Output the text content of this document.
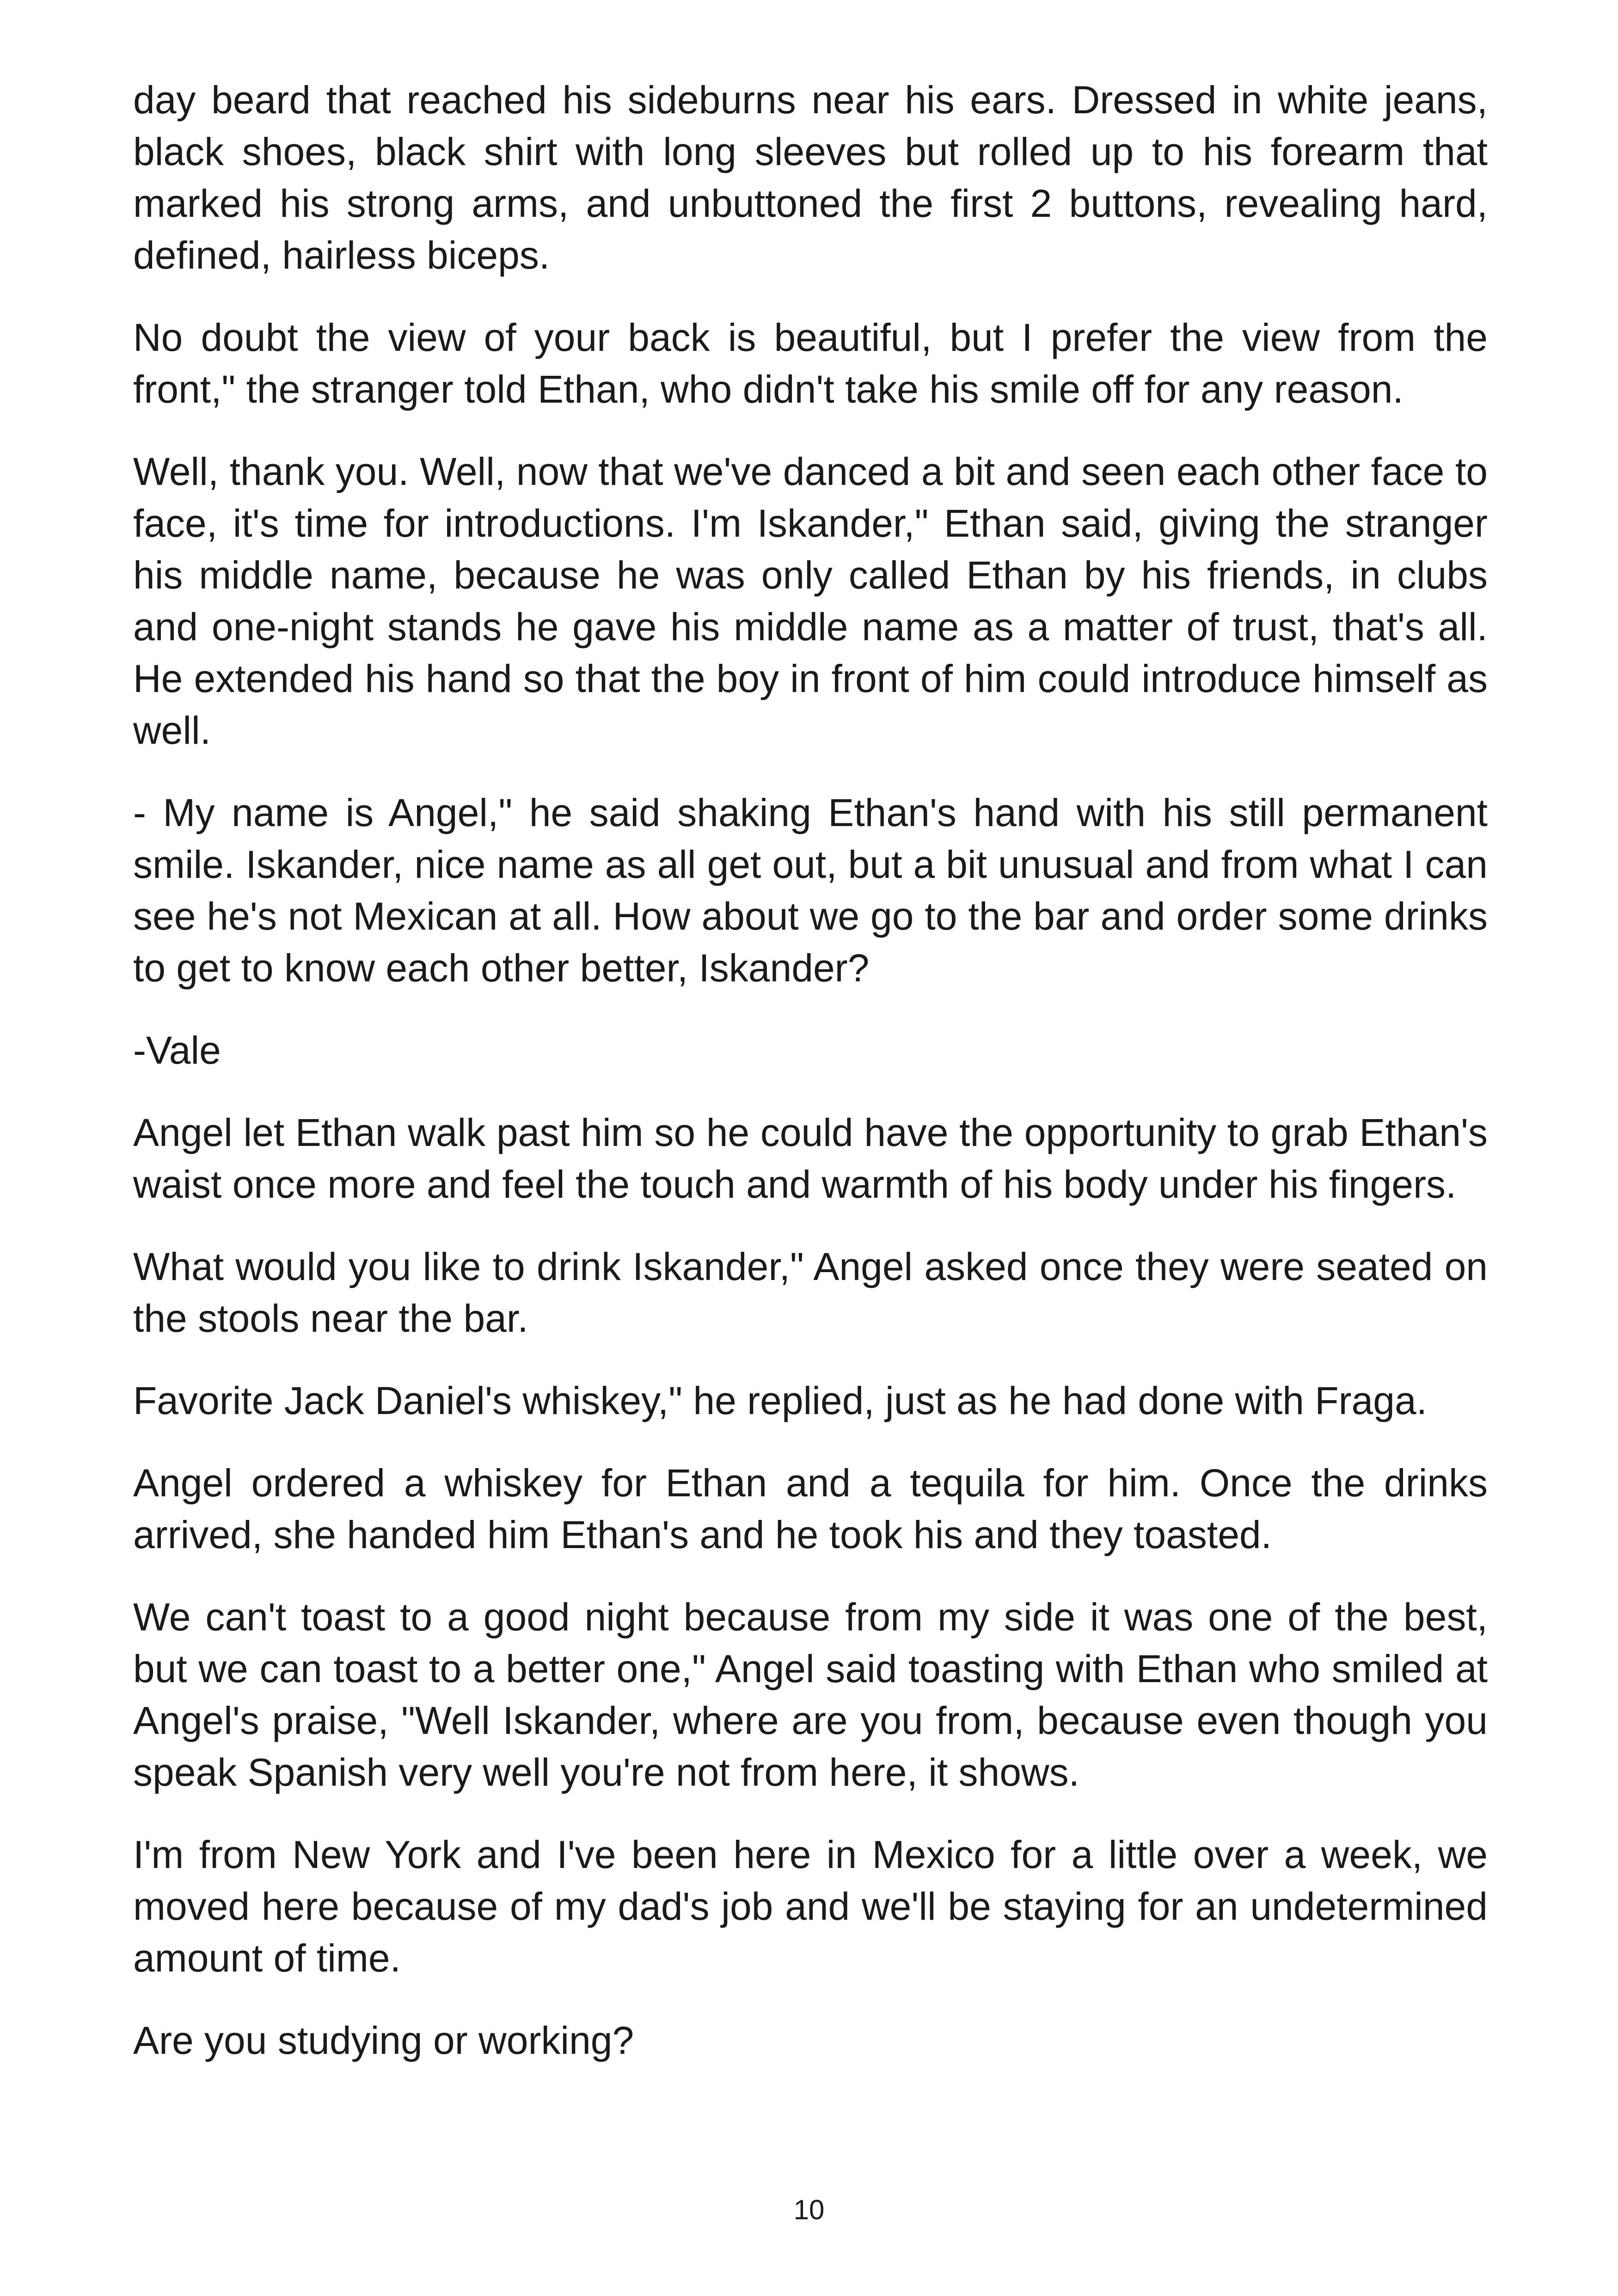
day beard that reached his sideburns near his ears. Dressed in white jeans, black shoes, black shirt with long sleeves but rolled up to his forearm that marked his strong arms, and unbuttoned the first 2 buttons, revealing hard, defined, hairless biceps.

No doubt the view of your back is beautiful, but I prefer the view from the front," the stranger told Ethan, who didn't take his smile off for any reason.

Well, thank you. Well, now that we've danced a bit and seen each other face to face, it's time for introductions. I'm Iskander," Ethan said, giving the stranger his middle name, because he was only called Ethan by his friends, in clubs and one-night stands he gave his middle name as a matter of trust, that's all. He extended his hand so that the boy in front of him could introduce himself as well.

- My name is Angel," he said shaking Ethan's hand with his still permanent smile. Iskander, nice name as all get out, but a bit unusual and from what I can see he's not Mexican at all. How about we go to the bar and order some drinks to get to know each other better, Iskander?

-Vale

Angel let Ethan walk past him so he could have the opportunity to grab Ethan's waist once more and feel the touch and warmth of his body under his fingers.

What would you like to drink Iskander," Angel asked once they were seated on the stools near the bar.

Favorite Jack Daniel's whiskey," he replied, just as he had done with Fraga.

Angel ordered a whiskey for Ethan and a tequila for him. Once the drinks arrived, she handed him Ethan's and he took his and they toasted.

We can't toast to a good night because from my side it was one of the best, but we can toast to a better one," Angel said toasting with Ethan who smiled at Angel's praise, "Well Iskander, where are you from, because even though you speak Spanish very well you're not from here, it shows.

I'm from New York and I've been here in Mexico for a little over a week, we moved here because of my dad's job and we'll be staying for an undetermined amount of time.

Are you studying or working?

10
